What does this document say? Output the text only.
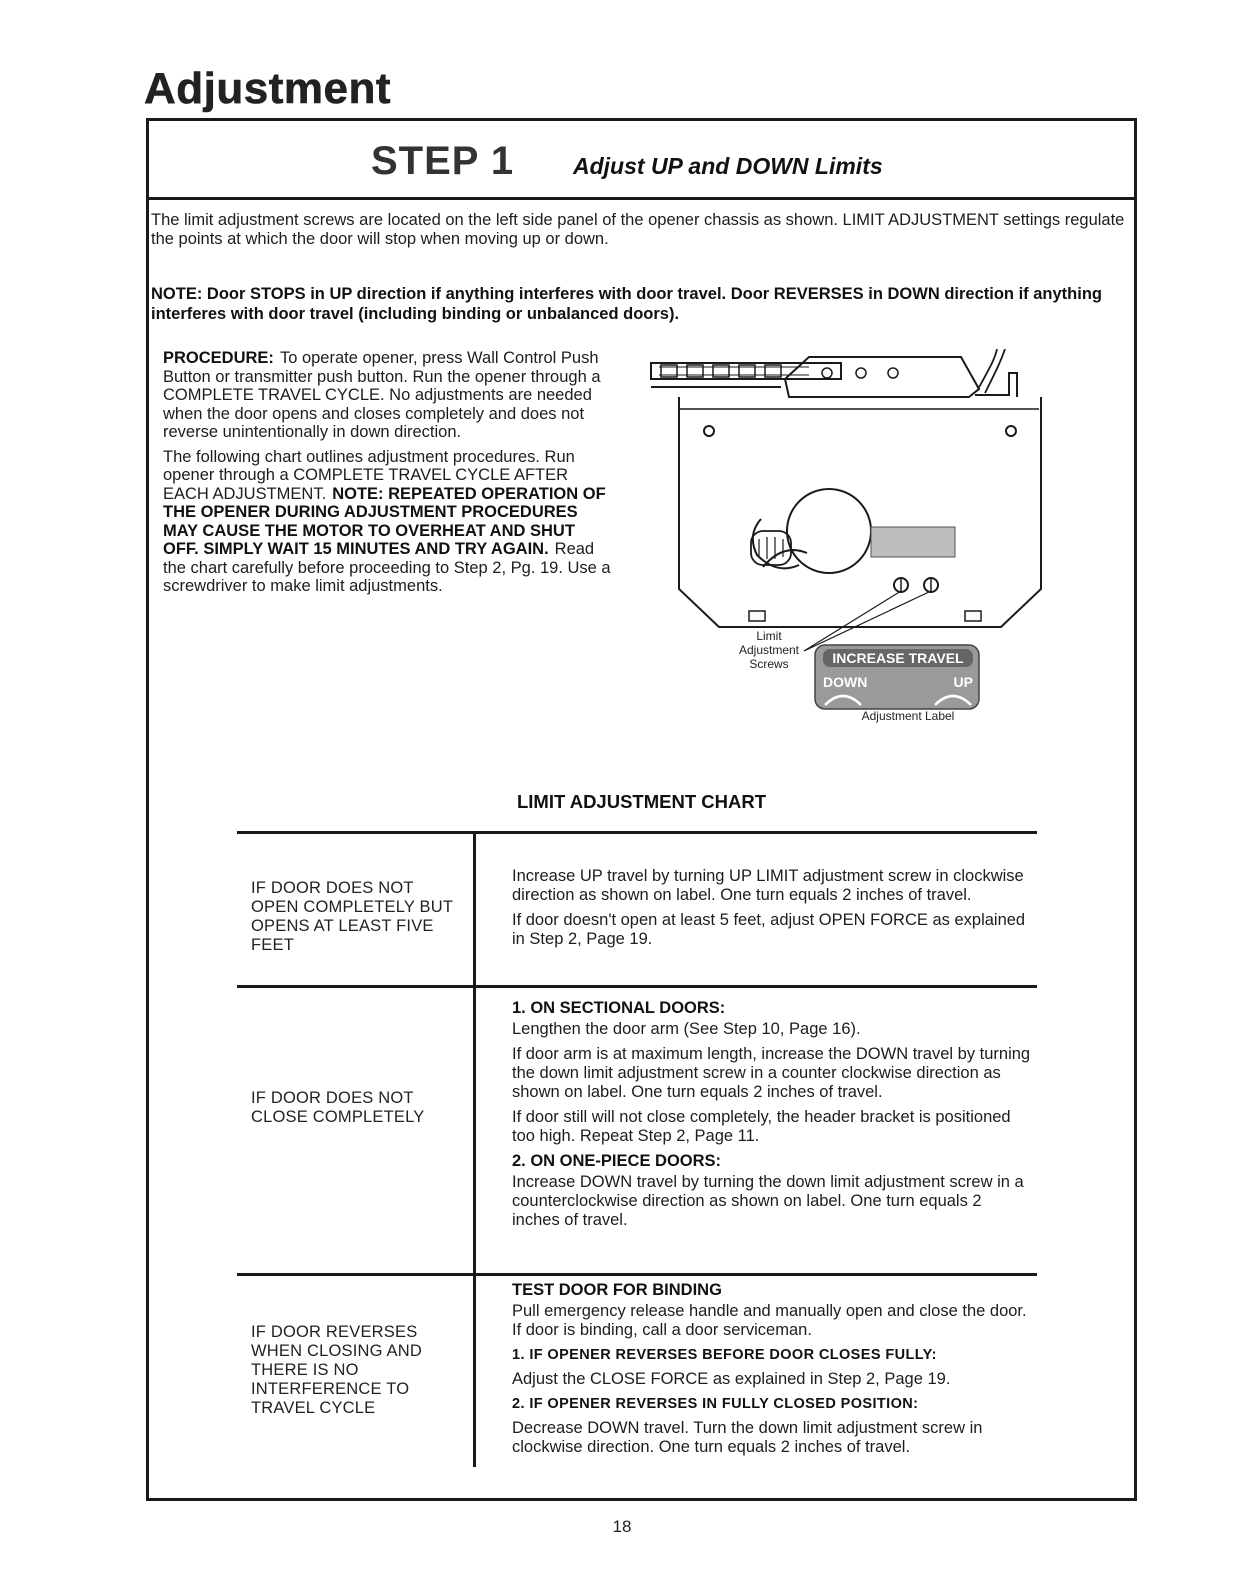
Adjustment
STEP 1	Adjust UP and DOWN Limits
The limit adjustment screws are located on the left side panel of the opener chassis as shown. LIMIT ADJUSTMENT settings regulate the points at which the door will stop when moving up or down.
NOTE: Door STOPS in UP direction if anything interferes with door travel. Door REVERSES in DOWN direction if anything interferes with door travel (including binding or unbalanced doors).

PROCEDURE: To operate opener, press Wall Control Push Button or transmitter push button. Run the opener through a COMPLETE TRAVEL CYCLE. No adjustments are needed when the door opens and closes completely and does not reverse unintentionally in down direction.

The following chart outlines adjustment procedures. Run opener through a COMPLETE TRAVEL CYCLE AFTER EACH ADJUSTMENT. NOTE: REPEATED OPERATION OF THE OPENER DURING ADJUSTMENT PROCEDURES MAY CAUSE THE MOTOR TO OVERHEAT AND SHUT OFF. SIMPLY WAIT 15 MINUTES AND TRY AGAIN. Read the chart carefully before proceeding to Step 2, Pg. 19. Use a screwdriver to make limit adjustments.

INCREASE TRAVEL
DOWN	UP
Limit Adjustment Screws
Adjustment Label
LIMIT ADJUSTMENT CHART
IF DOOR DOES NOT OPEN COMPLETELY BUT OPENS AT LEAST FIVE FEET

Increase UP travel by turning UP LIMIT adjustment screw in clockwise direction as shown on label. One turn equals 2 inches of travel.

If door doesn't open at least 5 feet, adjust OPEN FORCE as explained in Step 2, Page 19.

IF DOOR DOES NOT CLOSE COMPLETELY

1. ON SECTIONAL DOORS:

Lengthen the door arm (See Step 10, Page 16).

If door arm is at maximum length, increase the DOWN travel by turning the down limit adjustment screw in a counter clockwise direction as shown on label. One turn equals 2 inches of travel.

If door still will not close completely, the header bracket is positioned too high. Repeat Step 2, Page 11.

2. ON ONE-PIECE DOORS:

Increase DOWN travel by turning the down limit adjustment screw in a counterclockwise direction as shown on label. One turn equals 2 inches of travel.

IF DOOR REVERSES WHEN CLOSING AND THERE IS NO INTERFERENCE TO TRAVEL CYCLE

TEST DOOR FOR BINDING

Pull emergency release handle and manually open and close the door. If door is binding, call a door serviceman.

1. IF OPENER REVERSES BEFORE DOOR CLOSES FULLY:

Adjust the CLOSE FORCE as explained in Step 2, Page 19.

2. IF OPENER REVERSES IN FULLY CLOSED POSITION:

Decrease DOWN travel. Turn the down limit adjustment screw in clockwise direction. One turn equals 2 inches of travel.

18
